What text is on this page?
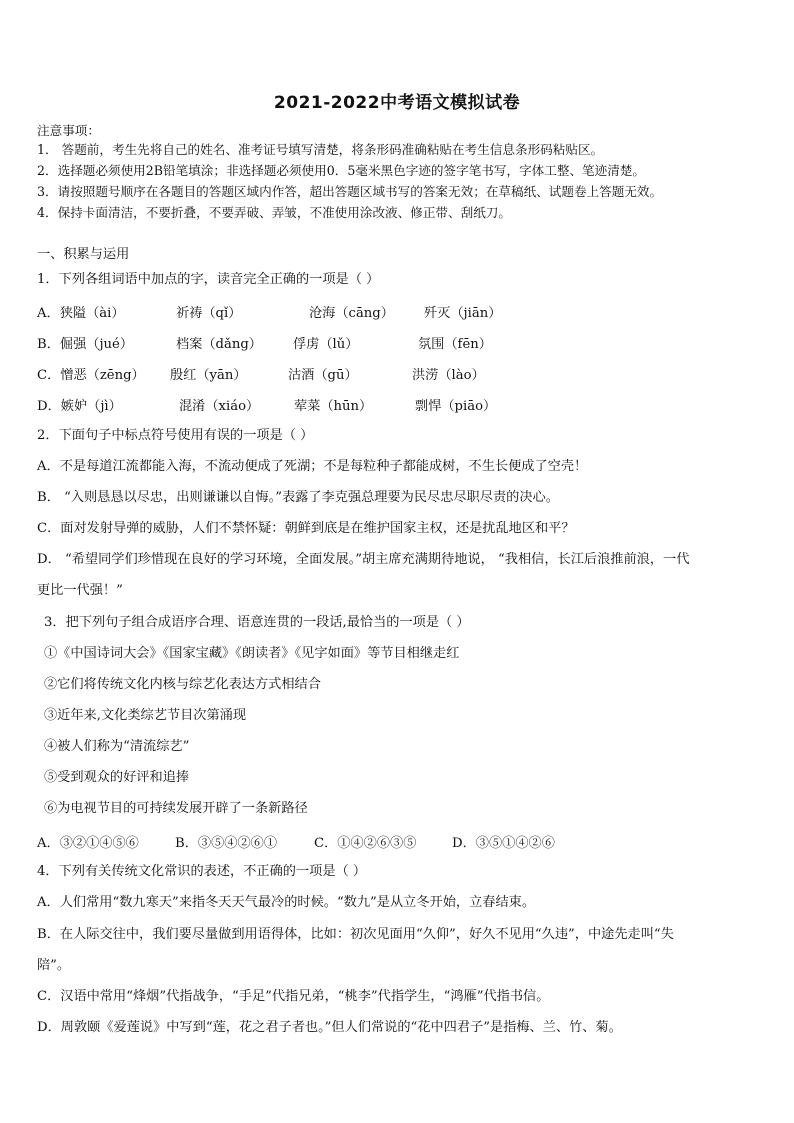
2021-2022中考语文模拟试卷
注意事项：
1． 答题前，考生先将自己的姓名、准考证号填写清楚，将条形码准确粘贴在考生信息条形码粘贴区。
2．选择题必须使用2B铅笔填涂；非选择题必须使用0．5毫米黑色字迹的签字笔书写，字体工整、笔迹清楚。
3．请按照题号顺序在各题目的答题区域内作答，超出答题区域书写的答案无效；在草稿纸、试题卷上答题无效。
4．保持卡面清洁，不要折叠，不要弄破、弄皱，不准使用涂改液、修正带、刮纸刀。
一、积累与运用
1．下列各组词语中加点的字，读音完全正确的一项是（ ）
A．狭隘（ài）	祈祷（qǐ）	沧海（cāng） 歼灭（jiān）
B．倔强（jué）	档案（dǎng） 俘虏（lǔ）	氛围（fēn）
C．憎恶（zēng） 殷红（yān）	沽酒（gū）	洪涝（lào）
D．嫉妒（jì）	混淆（xiáo）	荤菜（hūn）	剽悍（piāo）
2．下面句子中标点符号使用有误的一项是（ ）
A．不是每道江流都能入海，不流动便成了死湖；不是每粒种子都能成树，不生长便成了空壳！
B． “入则恳恳以尽忠，出则谦谦以自悔。”表露了李克强总理要为民尽忠尽职尽责的决心。
C．面对发射导弹的威胁，人们不禁怀疑：朝鲜到底是在维护国家主权，还是扰乱地区和平？
D． “希望同学们珍惜现在良好的学习环境，全面发展。”胡主席充满期待地说， “我相信，长江后浪推前浪，一代
更比一代强！”
3．把下列句子组合成语序合理、语意连贯的一段话,最恰当的一项是（ ）
①《中国诗词大会》《国家宝藏》《朗读者》《见字如面》等节目相继走红
②它们将传统文化内核与综艺化表达方式相结合
③近年来,文化类综艺节目次第涌现
④被人们称为“清流综艺”
⑤受到观众的好评和追捧
⑥为电视节目的可持续发展开辟了一条新路径
A．③②①④⑤⑥	B．③⑤④②⑥①	C．①④②⑥③⑤	D．③⑤①④②⑥
4．下列有关传统文化常识的表述，不正确的一项是（ ）
A．人们常用“数九寒天”来指冬天天气最冷的时候。“数九”是从立冬开始，立春结束。
B．在人际交往中，我们要尽量做到用语得体，比如：初次见面用“久仰”，好久不见用“久违”，中途先走叫“失
陪”。
C．汉语中常用“烽烟”代指战争，“手足”代指兄弟，“桃李”代指学生，“鸿雁”代指书信。
D．周敦颐《爱莲说》中写到“莲，花之君子者也。”但人们常说的“花中四君子”是指梅、兰、竹、菊。
